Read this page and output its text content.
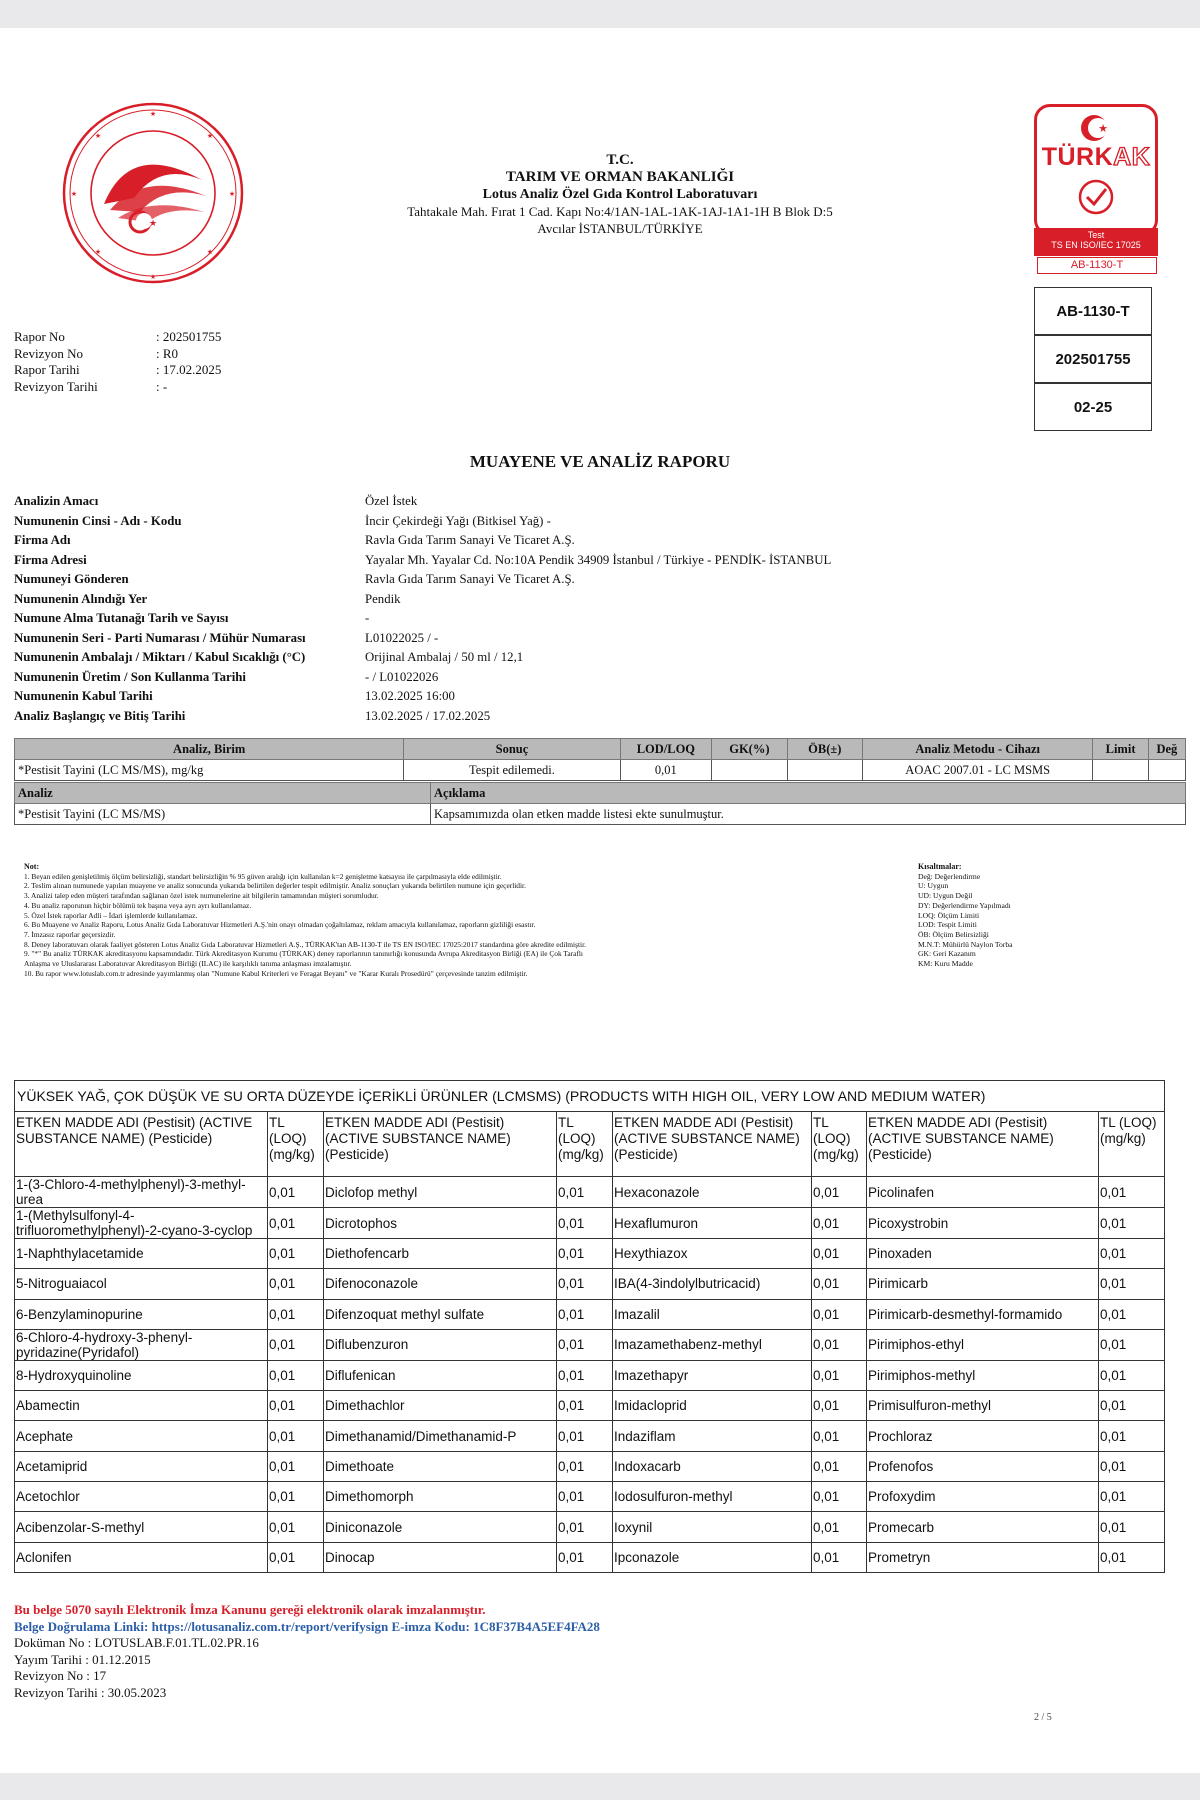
★
★
★
★
★	★
★	★
★
T.C.
TARIM VE ORMAN BAKANLIĞI
Lotus Analiz Özel Gıda Kontrol Laboratuvarı
Tahtakale Mah. Fırat 1 Cad. Kapı No:4/1AN-1AL-1AK-1AJ-1A1-1H B Blok D:5
Avcılar İSTANBUL/TÜRKİYE
★
TÜRKAK
Test
TS EN ISO/IEC 17025
AB-1130-T
AB-1130-T
202501755
02-25
Rapor No	: 202501755
Revizyon No	: R0
Rapor Tarihi	: 17.02.2025
Revizyon Tarihi	: -
MUAYENE VE ANALİZ RAPORU
Analizin Amacı	Özel İstek
Numunenin Cinsi - Adı - Kodu	İncir Çekirdeği Yağı (Bitkisel Yağ) -
Firma Adı	Ravla Gıda Tarım Sanayi Ve Ticaret A.Ş.
Firma Adresi	Yayalar Mh. Yayalar Cd. No:10A Pendik 34909 İstanbul / Türkiye - PENDİK- İSTANBUL
Numuneyi Gönderen	Ravla Gıda Tarım Sanayi Ve Ticaret A.Ş.
Numunenin Alındığı Yer	Pendik
Numune Alma Tutanağı Tarih ve Sayısı	-
Numunenin Seri - Parti Numarası / Mühür Numarası	L01022025 / -
Numunenin Ambalajı / Miktarı / Kabul Sıcaklığı (°C)	Orijinal Ambalaj / 50 ml / 12,1
Numunenin Üretim / Son Kullanma Tarihi	- / L01022026
Numunenin Kabul Tarihi	13.02.2025 16:00
Analiz Başlangıç ve Bitiş Tarihi	13.02.2025 / 17.02.2025
Analiz, Birim	Sonuç	LOD/LOQ	GK(%)	ÖB(±)	Analiz Metodu - Cihazı	Limit	Değ
*Pestisit Tayini (LC MS/MS), mg/kg	Tespit edilemedi.	0,01			AOAC 2007.01 - LC MSMS		
Analiz	Açıklama
*Pestisit Tayini (LC MS/MS)	Kapsamımızda olan etken madde listesi ekte sunulmuştur.
Not:
1. Beyan edilen genişletilmiş ölçüm belirsizliği, standart belirsizliğin % 95 güven aralığı için kullanılan k=2 genişletme katsayısı ile çarpılmasıyla elde edilmiştir.
2. Teslim alınan numunede yapılan muayene ve analiz sonucunda yukarıda belirtilen değerler tespit edilmiştir. Analiz sonuçları yukarıda belirtilen numune için geçerlidir.
3. Analizi talep eden müşteri tarafından sağlanan özel istek numunelerine ait bilgilerin tamamından müşteri sorumludur.
4. Bu analiz raporunun hiçbir bölümü tek başına veya ayrı ayrı kullanılamaz.
5. Özel İstek raporlar Adli – İdari işlemlerde kullanılamaz.
6. Bu Muayene ve Analiz Raporu, Lotus Analiz Gıda Laboratuvar Hizmetleri A.Ş.'nin onayı olmadan çoğaltılamaz, reklam amacıyla kullanılamaz, raporların gizliliği esastır.
7. İmzasız raporlar geçersizdir.
8. Deney laboratuvarı olarak faaliyet gösteren Lotus Analiz Gıda Laboratuvar Hizmetleri A.Ş., TÜRKAK'tan AB-1130-T ile TS EN ISO/IEC 17025:2017 standardına göre akredite edilmiştir.
9. "*" Bu analiz TÜRKAK akreditasyonu kapsamındadır. Türk Akreditasyon Kurumu (TÜRKAK) deney raporlarının tanınırlığı konusunda Avrupa Akreditasyon Birliği (EA) ile Çok Taraflı
Anlaşma ve Uluslararası Laboratuvar Akreditasyon Birliği (ILAC) ile karşılıklı tanıma anlaşması imzalamıştır.
10. Bu rapor www.lotuslab.com.tr adresinde yayımlanmış olan "Numune Kabul Kriterleri ve Feragat Beyanı" ve "Karar Kuralı Prosedürü" çerçevesinde tanzim edilmiştir.
Kısaltmalar:
Değ: Değerlendirme
U: Uygun
UD: Uygun Değil
DY: Değerlendirme Yapılmadı
LOQ: Ölçüm Limiti
LOD: Tespit Limiti
ÖB: Ölçüm Belirsizliği
M.N.T: Mühürlü Naylon Torba
GK: Geri Kazanım
KM: Kuru Madde
YÜKSEK YAĞ, ÇOK DÜŞÜK VE SU ORTA DÜZEYDE İÇERİKLİ ÜRÜNLER (LCMSMS) (PRODUCTS WITH HIGH OIL, VERY LOW AND MEDIUM WATER)							
ETKEN MADDE ADI (Pestisit) (ACTIVE SUBSTANCE NAME) (Pesticide)	TL (LOQ) (mg/kg)	ETKEN MADDE ADI (Pestisit) (ACTIVE SUBSTANCE NAME) (Pesticide)	TL (LOQ) (mg/kg)	ETKEN MADDE ADI (Pestisit) (ACTIVE SUBSTANCE NAME) (Pesticide)	TL (LOQ) (mg/kg)	ETKEN MADDE ADI (Pestisit) (ACTIVE SUBSTANCE NAME) (Pesticide)	TL (LOQ) (mg/kg)
1-(3-Chloro-4-methylphenyl)-3-methyl-urea	0,01	Diclofop methyl	0,01	Hexaconazole	0,01	Picolinafen	0,01
1-(Methylsulfonyl-4-trifluoromethylphenyl)-2-cyano-3-cyclop	0,01	Dicrotophos	0,01	Hexaflumuron	0,01	Picoxystrobin	0,01
1-Naphthylacetamide	0,01	Diethofencarb	0,01	Hexythiazox	0,01	Pinoxaden	0,01
5-Nitroguaiacol	0,01	Difenoconazole	0,01	IBA(4-3indolylbutricacid)	0,01	Pirimicarb	0,01
6-Benzylaminopurine	0,01	Difenzoquat methyl sulfate	0,01	Imazalil	0,01	Pirimicarb-desmethyl-formamido	0,01
6-Chloro-4-hydroxy-3-phenyl-pyridazine(Pyridafol)	0,01	Diflubenzuron	0,01	Imazamethabenz-methyl	0,01	Pirimiphos-ethyl	0,01
8-Hydroxyquinoline	0,01	Diflufenican	0,01	Imazethapyr	0,01	Pirimiphos-methyl	0,01
Abamectin	0,01	Dimethachlor	0,01	Imidacloprid	0,01	Primisulfuron-methyl	0,01
Acephate	0,01	Dimethanamid/Dimethanamid-P	0,01	Indaziflam	0,01	Prochloraz	0,01
Acetamiprid	0,01	Dimethoate	0,01	Indoxacarb	0,01	Profenofos	0,01
Acetochlor	0,01	Dimethomorph	0,01	Iodosulfuron-methyl	0,01	Profoxydim	0,01
Acibenzolar-S-methyl	0,01	Diniconazole	0,01	Ioxynil	0,01	Promecarb	0,01
Aclonifen	0,01	Dinocap	0,01	Ipconazole	0,01	Prometryn	0,01
Bu belge 5070 sayılı Elektronik İmza Kanunu gereği elektronik olarak imzalanmıştır.
Belge Doğrulama Linki: https://lotusanaliz.com.tr/report/verifysign E-imza Kodu: 1C8F37B4A5EF4FA28
Doküman No : LOTUSLAB.F.01.TL.02.PR.16
Yayım Tarihi : 01.12.2015
Revizyon No : 17
Revizyon Tarihi : 30.05.2023
2 / 5
